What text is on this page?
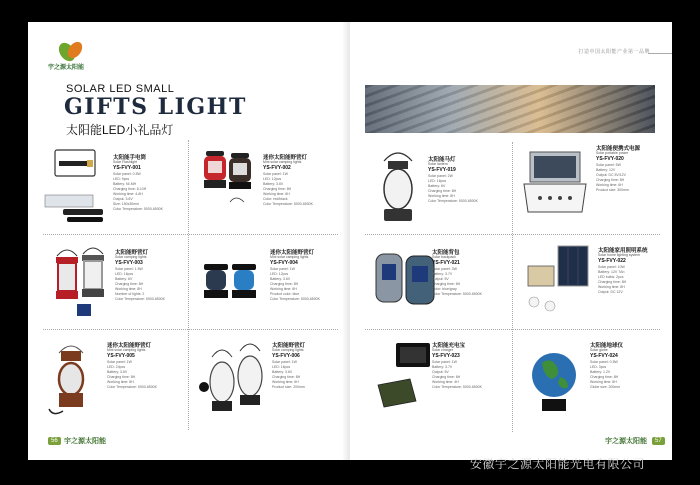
宇之源太阳能
SOLAR LED SMALL
GIFTS LIGHT
太阳能LED小礼品灯
太阳能手电筒
Solar Flashlight
YS-FVY-001
Solar panel: 0.5W
LED: 9pcs
Battery: NI-MH
Charging time: 8-10H
Working time: 4-6H
Output: 3.6V
Size: 150x30mm
Color Temperature: 5000-6500K
迷你太阳能野营灯
Mini solar camping lights
YS-FVY-002
Solar panel: 1W
LED: 12pcs
Battery: 3.6V
Charging time: 8H
Working time: 6H
Color: red/black
Color Temperature: 5000-6500K
太阳能野营灯
Solar camping lights
YS-FVY-003
Solar panel: 1.5W
LED: 16pcs
Battery: 6V
Charging time: 8H
Working time: 8H
Number of lights: 2
Color Temperature: 5000-6500K
迷你太阳能野营灯
Mini solar camping lights
YS-FVY-004
Solar panel: 1W
LED: 12pcs
Battery: 3.6V
Charging time: 8H
Working time: 6H
Product color: blue
Color Temperature: 5000-6500K
迷你太阳能野营灯
Mini solar camping lights
YS-FVY-005
Solar panel: 1W
LED: 24pcs
Battery: 3.6V
Charging time: 8H
Working time: 8H
Color Temperature: 5000-6500K
太阳能野营灯
Solar camping lights
YS-FVY-006
Solar panel: 1W
LED: 16pcs
Battery: 3.6V
Charging time: 8H
Working time: 6H
Product size: 200mm
56 宇之源太阳能
打造中国太阳能产业第一品牌
太阳能马灯
Solar lantern
YS-FVY-019
Solar panel: 2W
LED: 16pcs
Battery: 6V
Charging time: 8H
Working time: 8H
Color Temperature: 5000-6500K
太阳能便携式电源
Solar portable power
YS-FVY-020
Solar panel: 5W
Battery: 12V
Output: DC 5V/12V
Charging time: 8H
Working time: 6H
Product size: 300mm
太阳能背包
Solar backpack
YS-FVY-021
Solar panel: 3W
Battery: 3.7V
Output: 5V
Charging time: 6H
Color: blue/gray
Color Temperature: 5000-6500K
太阳能家用照明系统
Solar home lighting system
YS-FVY-022
Solar panel: 10W
Battery: 12V 7Ah
LED bulbs: 2pcs
Charging time: 8H
Working time: 8H
Output: DC 12V
太阳能充电宝
Solar charger
YS-FVY-023
Solar panel: 1W
Battery: 3.7V
Output: 5V
Charging time: 6H
Working time: 4H
Color Temperature: 5000-6500K
太阳能地球仪
Solar globe
YS-FVY-024
Solar panel: 0.5W
LED: 3pcs
Battery: 1.2V
Charging time: 8H
Working time: 6H
Globe size: 200mm
宇之源太阳能	57
安徽宇之源太阳能光电有限公司
